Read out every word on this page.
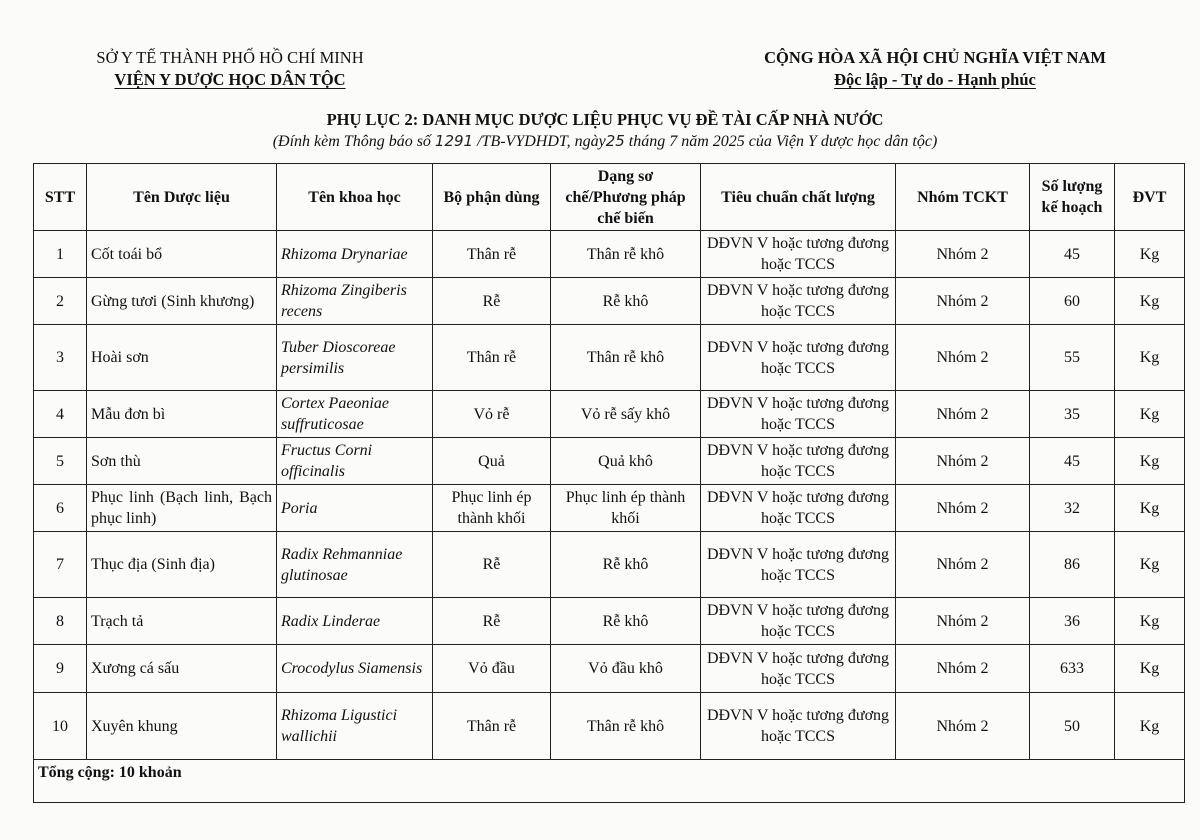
SỞ Y TẾ THÀNH PHỐ HỒ CHÍ MINH
VIỆN Y DƯỢC HỌC DÂN TỘC
CỘNG HÒA XÃ HỘI CHỦ NGHĨA VIỆT NAM
Độc lập - Tự do - Hạnh phúc
PHỤ LỤC 2: DANH MỤC DƯỢC LIỆU PHỤC VỤ ĐỀ TÀI CẤP NHÀ NƯỚC
(Đính kèm Thông báo số 1291 /TB-VYDHDT, ngày25 tháng 7 năm 2025 của Viện Y dược học dân tộc)
STT	Tên Dược liệu	Tên khoa học	Bộ phận dùng	Dạng sơ chế/Phương pháp chế biến	Tiêu chuẩn chất lượng	Nhóm TCKT	Số lượng kế hoạch	ĐVT
1	Cốt toái bổ	Rhizoma Drynariae	Thân rễ	Thân rễ khô	DĐVN V hoặc tương đương hoặc TCCS	Nhóm 2	45	Kg
2	Gừng tươi (Sinh khương)	Rhizoma Zingiberis recens	Rễ	Rễ khô	DĐVN V hoặc tương đương hoặc TCCS	Nhóm 2	60	Kg
3	Hoài sơn	Tuber Dioscoreae persimilis	Thân rễ	Thân rễ khô	DĐVN V hoặc tương đương hoặc TCCS	Nhóm 2	55	Kg
4	Mẫu đơn bì	Cortex Paeoniae suffruticosae	Vỏ rễ	Vỏ rễ sấy khô	DĐVN V hoặc tương đương hoặc TCCS	Nhóm 2	35	Kg
5	Sơn thù	Fructus Corni officinalis	Quả	Quả khô	DĐVN V hoặc tương đương hoặc TCCS	Nhóm 2	45	Kg
6	Phục linh (Bạch linh, Bạch phục linh)	Poria	Phục linh ép thành khối	Phục linh ép thành khối	DĐVN V hoặc tương đương hoặc TCCS	Nhóm 2	32	Kg
7	Thục địa (Sinh địa)	Radix Rehmanniae glutinosae	Rễ	Rễ khô	DĐVN V hoặc tương đương hoặc TCCS	Nhóm 2	86	Kg
8	Trạch tả	Radix Linderae	Rễ	Rễ khô	DĐVN V hoặc tương đương hoặc TCCS	Nhóm 2	36	Kg
9	Xương cá sấu	Crocodylus Siamensis	Vỏ đầu	Vỏ đầu khô	DĐVN V hoặc tương đương hoặc TCCS	Nhóm 2	633	Kg
10	Xuyên khung	Rhizoma Ligustici wallichii	Thân rễ	Thân rễ khô	DĐVN V hoặc tương đương hoặc TCCS	Nhóm 2	50	Kg
Tổng cộng: 10 khoản								
